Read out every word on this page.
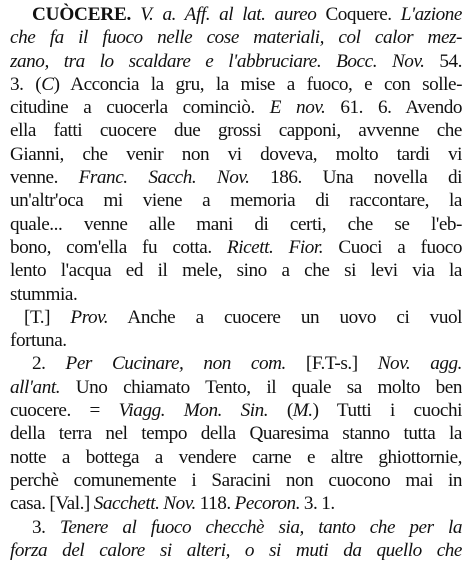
CUÒCERE. V. a. Aff. al lat. aureo Coquere. L'azione
che fa il fuoco nelle cose materiali, col calor mez-
zano, tra lo scaldare e l'abbruciare. Bocc. Nov. 54.
3. (C) Acconcia la gru, la mise a fuoco, e con solle-
citudine a cuocerla cominciò. E nov. 61. 6. Avendo
ella fatti cuocere due grossi capponi, avvenne che
Gianni, che venir non vi doveva, molto tardi vi
venne. Franc. Sacch. Nov. 186. Una novella di
un'altr'oca mi viene a memoria di raccontare, la
quale... venne alle mani di certi, che se l'eb-
bono, com'ella fu cotta. Ricett. Fior. Cuoci a fuoco
lento l'acqua ed il mele, sino a che si levi via la
stummia.
[T.] Prov. Anche a cuocere un uovo ci vuol
fortuna.
2. Per Cucinare, non com. [F.T-s.] Nov. agg.
all'ant. Uno chiamato Tento, il quale sa molto ben
cuocere. = Viagg. Mon. Sin. (M.) Tutti i cuochi
della terra nel tempo della Quaresima stanno tutta la
notte a bottega a vendere carne e altre ghiottornie,
perchè comunemente i Saracini non cuocono mai in
casa. [Val.] Sacchett. Nov. 118. Pecoron. 3. 1.
3. Tenere al fuoco checchè sia, tanto che per la
forza del calore si alteri, o si muti da quello che
